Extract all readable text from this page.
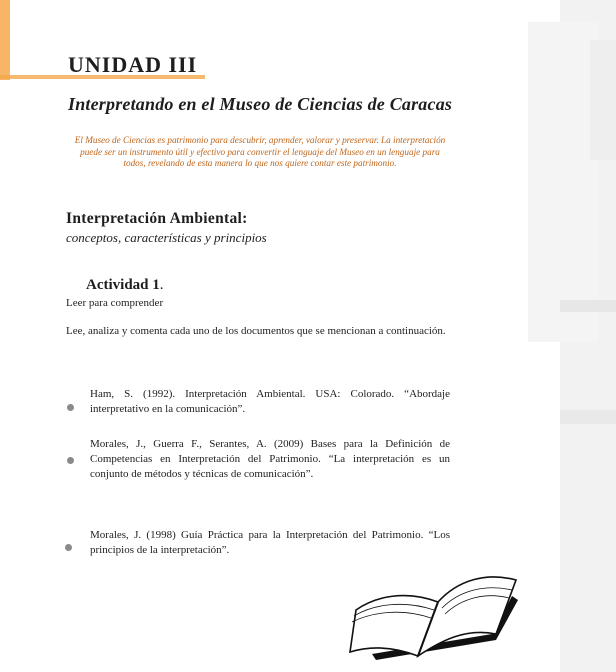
UNIDAD III
Interpretando en el Museo de Ciencias de Caracas

El Museo de Ciencias es patrimonio para descubrir, aprender, valorar y preservar. La interpretación puede ser un instrumento útil y efectivo para convertir el lenguaje del Museo en un lenguaje para todos, revelando de esta manera lo que nos quiere contar este patrimonio.

Interpretación Ambiental:

conceptos, características y principios

Actividad 1.

Leer para comprender

Lee, analiza y comenta cada uno de los documentos que se mencionan a continuación.

Ham, S. (1992). Interpretación Ambiental. USA: Colorado. “Abordaje interpretativo en la comunicación”.

Morales, J., Guerra F., Serantes, A. (2009) Bases para la Definición de Competencias en Interpretación del Patrimonio. “La interpretación es un conjunto de métodos y técnicas de comunicación”.

Morales, J. (1998) Guía Práctica para la Interpretación del Patrimonio. “Los principios de la interpretación”.
